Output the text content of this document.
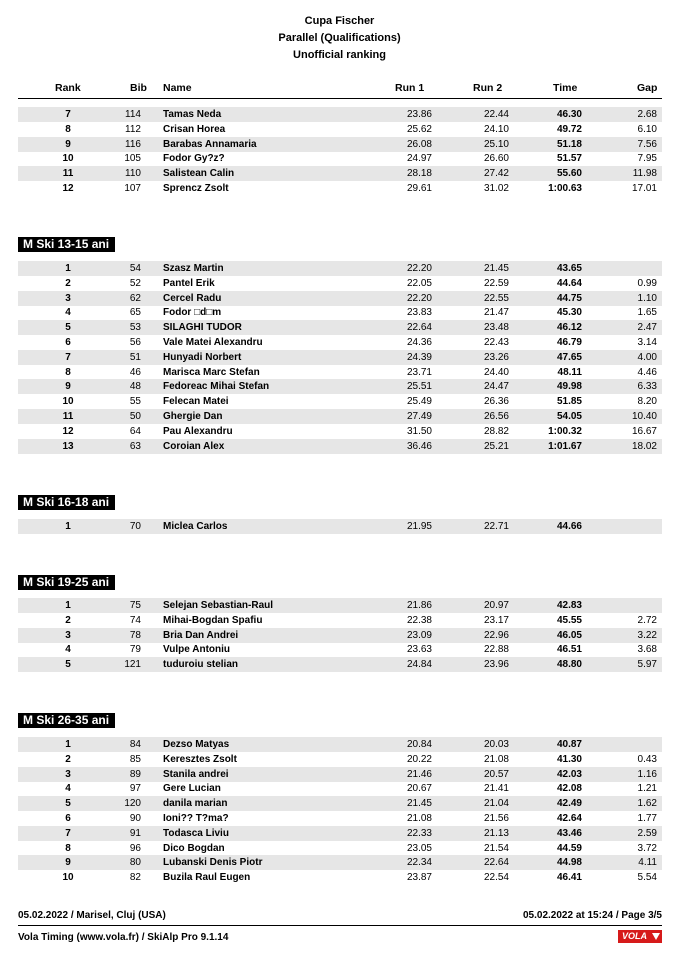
Cupa Fischer
Parallel (Qualifications)
Unofficial ranking
Rank	Bib Name	Run 1	Run 2	Time	Gap
7	114 Tamas Neda	23.86	22.44	46.30	2.68
8	112 Crisan Horea	25.62	24.10	49.72	6.10
9	116 Barabas Annamaria	26.08	25.10	51.18	7.56
10	105 Fodor Gy?z?	24.97	26.60	51.57	7.95
11	110 Salistean Calin	28.18	27.42	55.60	11.98
12	107 Sprencz Zsolt	29.61	31.02	1:00.63	17.01
M Ski 13-15 ani
1	54 Szasz Martin	22.20	21.45	43.65
2	52 Pantel Erik	22.05	22.59	44.64	0.99
3	62 Cercel Radu	22.20	22.55	44.75	1.10
4	65 Fodor □d□m	23.83	21.47	45.30	1.65
5	53 SILAGHI TUDOR	22.64	23.48	46.12	2.47
6	56 Vale Matei Alexandru	24.36	22.43	46.79	3.14
7	51 Hunyadi Norbert	24.39	23.26	47.65	4.00
8	46 Marisca Marc Stefan	23.71	24.40	48.11	4.46
9	48 Fedoreac Mihai Stefan	25.51	24.47	49.98	6.33
10	55 Felecan Matei	25.49	26.36	51.85	8.20
11	50 Ghergie Dan	27.49	26.56	54.05	10.40
12	64 Pau Alexandru	31.50	28.82	1:00.32	16.67
13	63 Coroian Alex	36.46	25.21	1:01.67	18.02
M Ski 16-18 ani
1	70 Miclea Carlos	21.95	22.71	44.66
M Ski 19-25 ani
1	75 Selejan Sebastian-Raul	21.86	20.97	42.83
2	74 Mihai-Bogdan Spafiu	22.38	23.17	45.55	2.72
3	78 Bria Dan Andrei	23.09	22.96	46.05	3.22
4	79 Vulpe Antoniu	23.63	22.88	46.51	3.68
5	121 tuduroiu stelian	24.84	23.96	48.80	5.97
M Ski 26-35 ani
1	84 Dezso Matyas	20.84	20.03	40.87
2	85 Keresztes Zsolt	20.22	21.08	41.30	0.43
3	89 Stanila andrei	21.46	20.57	42.03	1.16
4	97 Gere Lucian	20.67	21.41	42.08	1.21
5	120 danila marian	21.45	21.04	42.49	1.62
6	90 Ioni?? T?ma?	21.08	21.56	42.64	1.77
7	91 Todasca Liviu	22.33	21.13	43.46	2.59
8	96 Dico Bogdan	23.05	21.54	44.59	3.72
9	80 Lubanski Denis Piotr	22.34	22.64	44.98	4.11
10	82 Buzila Raul Eugen	23.87	22.54	46.41	5.54
05.02.2022 / Marisel, Cluj (USA)	05.02.2022 at 15:24 / Page 3/5
Vola Timing (www.vola.fr) / SkiAlp Pro 9.1.14	VOLA
